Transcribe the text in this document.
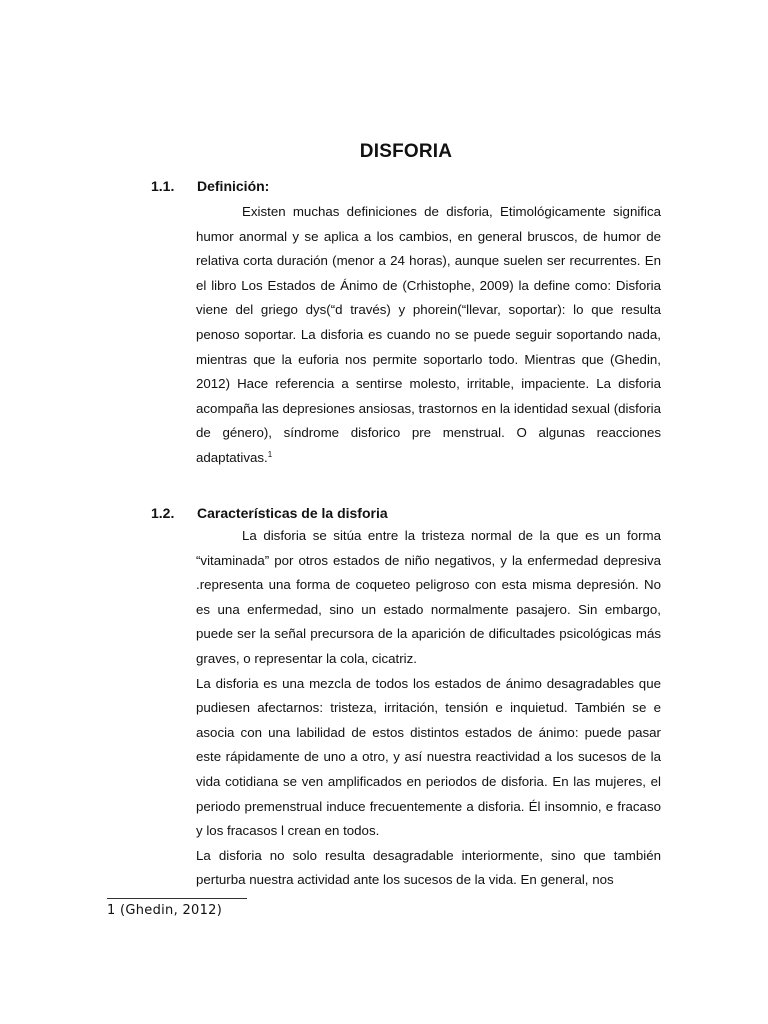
DISFORIA
1.1.	Definición:

Existen muchas definiciones de disforia, Etimológicamente significa humor anormal y se aplica a los cambios, en general bruscos, de humor de relativa corta duración (menor a 24 horas), aunque suelen ser recurrentes. En el libro Los Estados de Ánimo de (Crhistophe, 2009) la define como: Disforia viene del griego dys(“d través) y phorein(“llevar, soportar): lo que resulta penoso soportar. La disforia es cuando no se puede seguir soportando nada, mientras que la euforia nos permite soportarlo todo. Mientras que (Ghedin, 2012) Hace referencia a sentirse molesto, irritable, impaciente. La disforia acompaña las depresiones ansiosas, trastornos en la identidad sexual (disforia de género), síndrome disforico pre menstrual. O algunas reacciones adaptativas.$^1$

1.2.	Características de la disforia

La disforia se sitúa entre la tristeza normal de la que es un forma “vitaminada” por otros estados de niño negativos, y la enfermedad depresiva .representa una forma de coqueteo peligroso con esta misma depresión. No es una enfermedad, sino un estado normalmente pasajero. Sin embargo, puede ser la señal precursora de la aparición de dificultades psicológicas más graves, o representar la cola, cicatriz.

La disforia es una mezcla de todos los estados de ánimo desagradables que pudiesen afectarnos: tristeza, irritación, tensión e inquietud. También se e asocia con una labilidad de estos distintos estados de ánimo: puede pasar este rápidamente de uno a otro, y así nuestra reactividad a los sucesos de la vida cotidiana se ven amplificados en periodos de disforia. En las mujeres, el periodo premenstrual induce frecuentemente a disforia. Él insomnio, e fracaso y los fracasos l crean en todos.

La disforia no solo resulta desagradable interiormente, sino que también perturba nuestra actividad ante los sucesos de la vida. En general, nos

1 (Ghedin, 2012)
